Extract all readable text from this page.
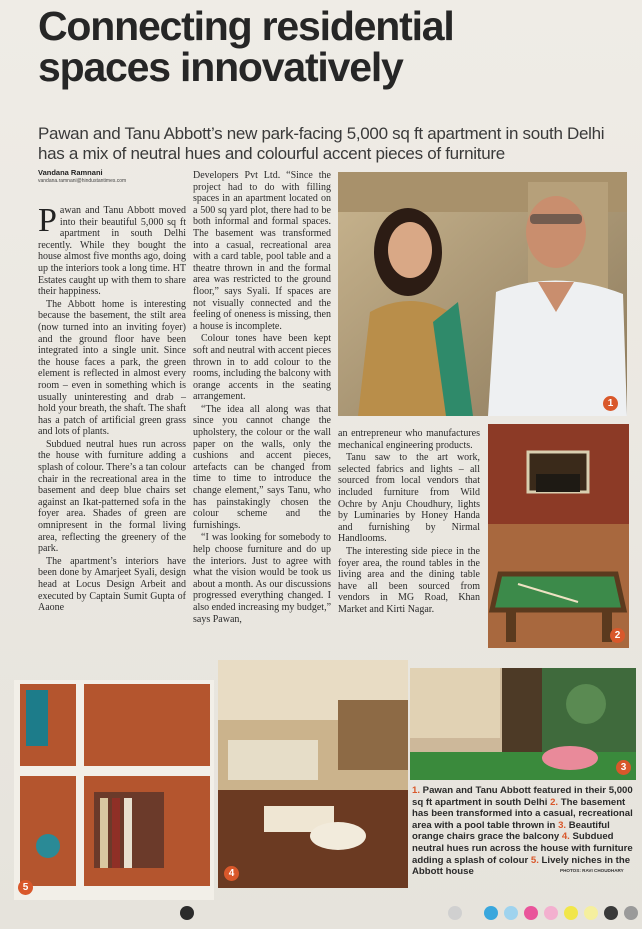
Connecting residential
spaces innovatively

Pawan and Tanu Abbott’s new park-facing 5,000 sq ft apartment in south Delhi has a mix of neutral hues and colourful accent pieces of furniture

Vandana Ramnani
vandana.ramnani@hindustantimes.com

Pawan and Tanu Abbott moved into their beautiful 5,000 sq ft apartment in south Delhi recently. While they bought the house almost five months ago, doing up the interiors took a long time. HT Estates caught up with them to share their happiness.

The Abbott home is interesting because the basement, the stilt area (now turned into an inviting foyer) and the ground floor have been integrated into a single unit. Since the house faces a park, the green element is reflected in almost every room – even in something which is usually uninteresting and drab – hold your breath, the shaft. The shaft has a patch of artificial green grass and lots of plants.

Subdued neutral hues run across the house with furniture adding a splash of colour. There’s a tan colour chair in the recreational area in the basement and deep blue chairs set against an Ikat-patterned sofa in the foyer area. Shades of green are omnipresent in the formal living area, reflecting the greenery of the park.

The apartment’s interiors have been done by Amarjeet Syali, design head at Locus Design Arbeit and executed by Captain Sumit Gupta of Aaone

Developers Pvt Ltd. “Since the project had to do with filling spaces in an apartment located on a 500 sq yard plot, there had to be both informal and formal spaces. The basement was transformed into a casual, recreational area with a card table, pool table and a theatre thrown in and the formal area was restricted to the ground floor,” says Syali. If spaces are not visually connected and the feeling of oneness is missing, then a house is incomplete.

Colour tones have been kept soft and neutral with accent pieces thrown in to add colour to the rooms, including the balcony with orange accents in the seating arrangement.

“The idea all along was that since you cannot change the upholstery, the colour or the wall paper on the walls, only the cushions and accent pieces, artefacts can be changed from time to time to introduce the change element,” says Tanu, who has painstakingly chosen the colour scheme and the furnishings.

“I was looking for somebody to help choose furniture and do up the interiors. Just to agree with what the vision would be took us about a month. As our discussions progressed everything changed. I also ended increasing my budget,” says Pawan,

an entrepreneur who manufactures mechanical engineering products.

Tanu saw to the art work, selected fabrics and lights – all sourced from local vendors that included furniture from Wild Ochre by Anju Choudhury, lights by Luminaries by Honey Handa and furnishing by Nirmal Handlooms.

The interesting side piece in the foyer area, the round tables in the living area and the dining table have all been sourced from vendors in MG Road, Khan Market and Kirti Nagar.

1
2
5
4
3
1. Pawan and Tanu Abbott featured in their 5,000 sq ft apartment in south Delhi 2. The basement has been transformed into a casual, recreational area with a pool table thrown in 3. Beautiful orange chairs grace the balcony 4. Subdued neutral hues run across the house with furniture adding a splash of colour 5. Lively niches in the Abbott house	PHOTOS: RAVI CHOUDHARY
